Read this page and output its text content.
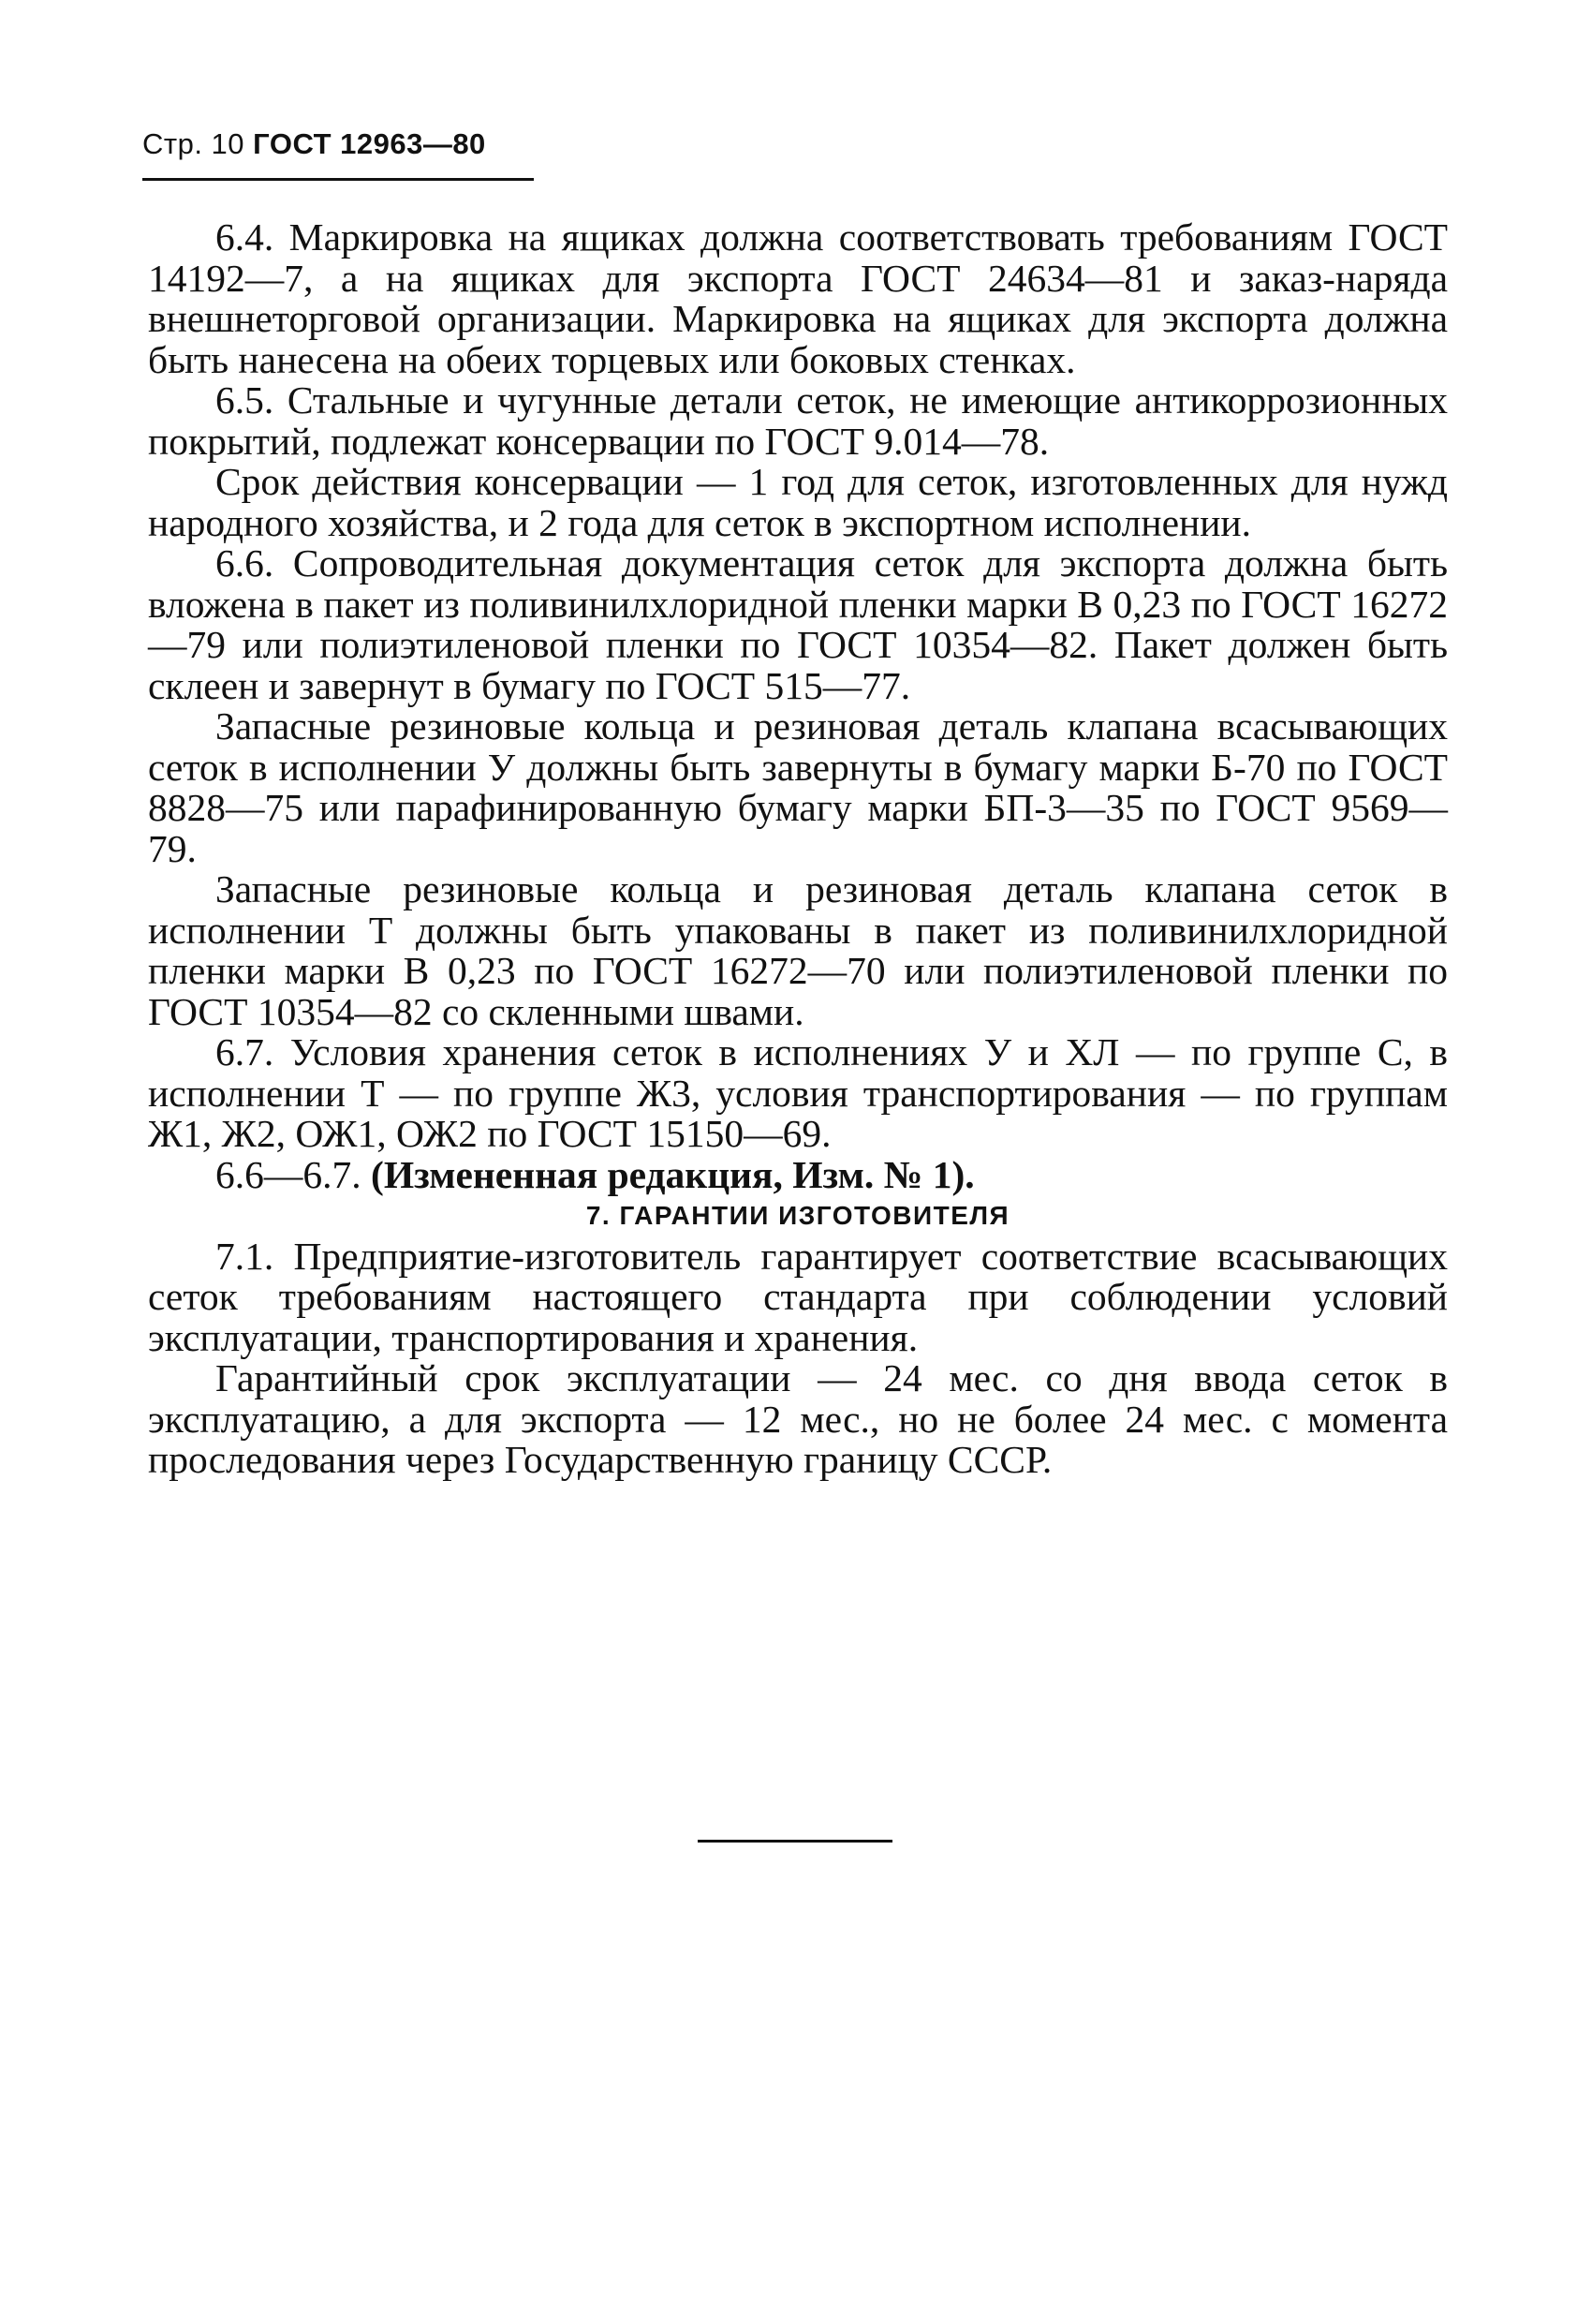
Стр. 10 ГОСТ 12963—80

6.4. Маркировка на ящиках должна соответствовать требованиям ГОСТ 14192—7, а на ящиках для экспорта ГОСТ 24634—81 и заказ-наряда внешнеторговой организации. Маркировка на ящиках для экспорта должна быть нанесена на обеих торцевых или боковых стенках.

6.5. Стальные и чугунные детали сеток, не имеющие антикоррозионных покрытий, подлежат консервации по ГОСТ 9.014—78.

Срок действия консервации — 1 год для сеток, изготовленных для нужд народного хозяйства, и 2 года для сеток в экспортном исполнении.

6.6. Сопроводительная документация сеток для экспорта должна быть вложена в пакет из поливинилхлоридной пленки марки В 0,23 по ГОСТ 16272—79 или полиэтиленовой пленки по ГОСТ 10354—82. Пакет должен быть склеен и завернут в бумагу по ГОСТ 515—77.

Запасные резиновые кольца и резиновая деталь клапана всасывающих сеток в исполнении У должны быть завернуты в бумагу марки Б-70 по ГОСТ 8828—75 или парафинированную бумагу марки БП-3—35 по ГОСТ 9569—79.

Запасные резиновые кольца и резиновая деталь клапана сеток в исполнении Т должны быть упакованы в пакет из поливинилхлоридной пленки марки В 0,23 по ГОСТ 16272—70 или полиэтиленовой пленки по ГОСТ 10354—82 со скленными швами.

6.7. Условия хранения сеток в исполнениях У и ХЛ — по группе С, в исполнении Т — по группе Ж3, условия транспортирования — по группам Ж1, Ж2, ОЖ1, ОЖ2 по ГОСТ 15150—69.

6.6—6.7. (Измененная редакция, Изм. № 1).

7. ГАРАНТИИ ИЗГОТОВИТЕЛЯ

7.1. Предприятие-изготовитель гарантирует соответствие всасывающих сеток требованиям настоящего стандарта при соблюдении условий эксплуатации, транспортирования и хранения.

Гарантийный срок эксплуатации — 24 мес. со дня ввода сеток в эксплуатацию, а для экспорта — 12 мес., но не более 24 мес. с момента проследования через Государственную границу СССР.
